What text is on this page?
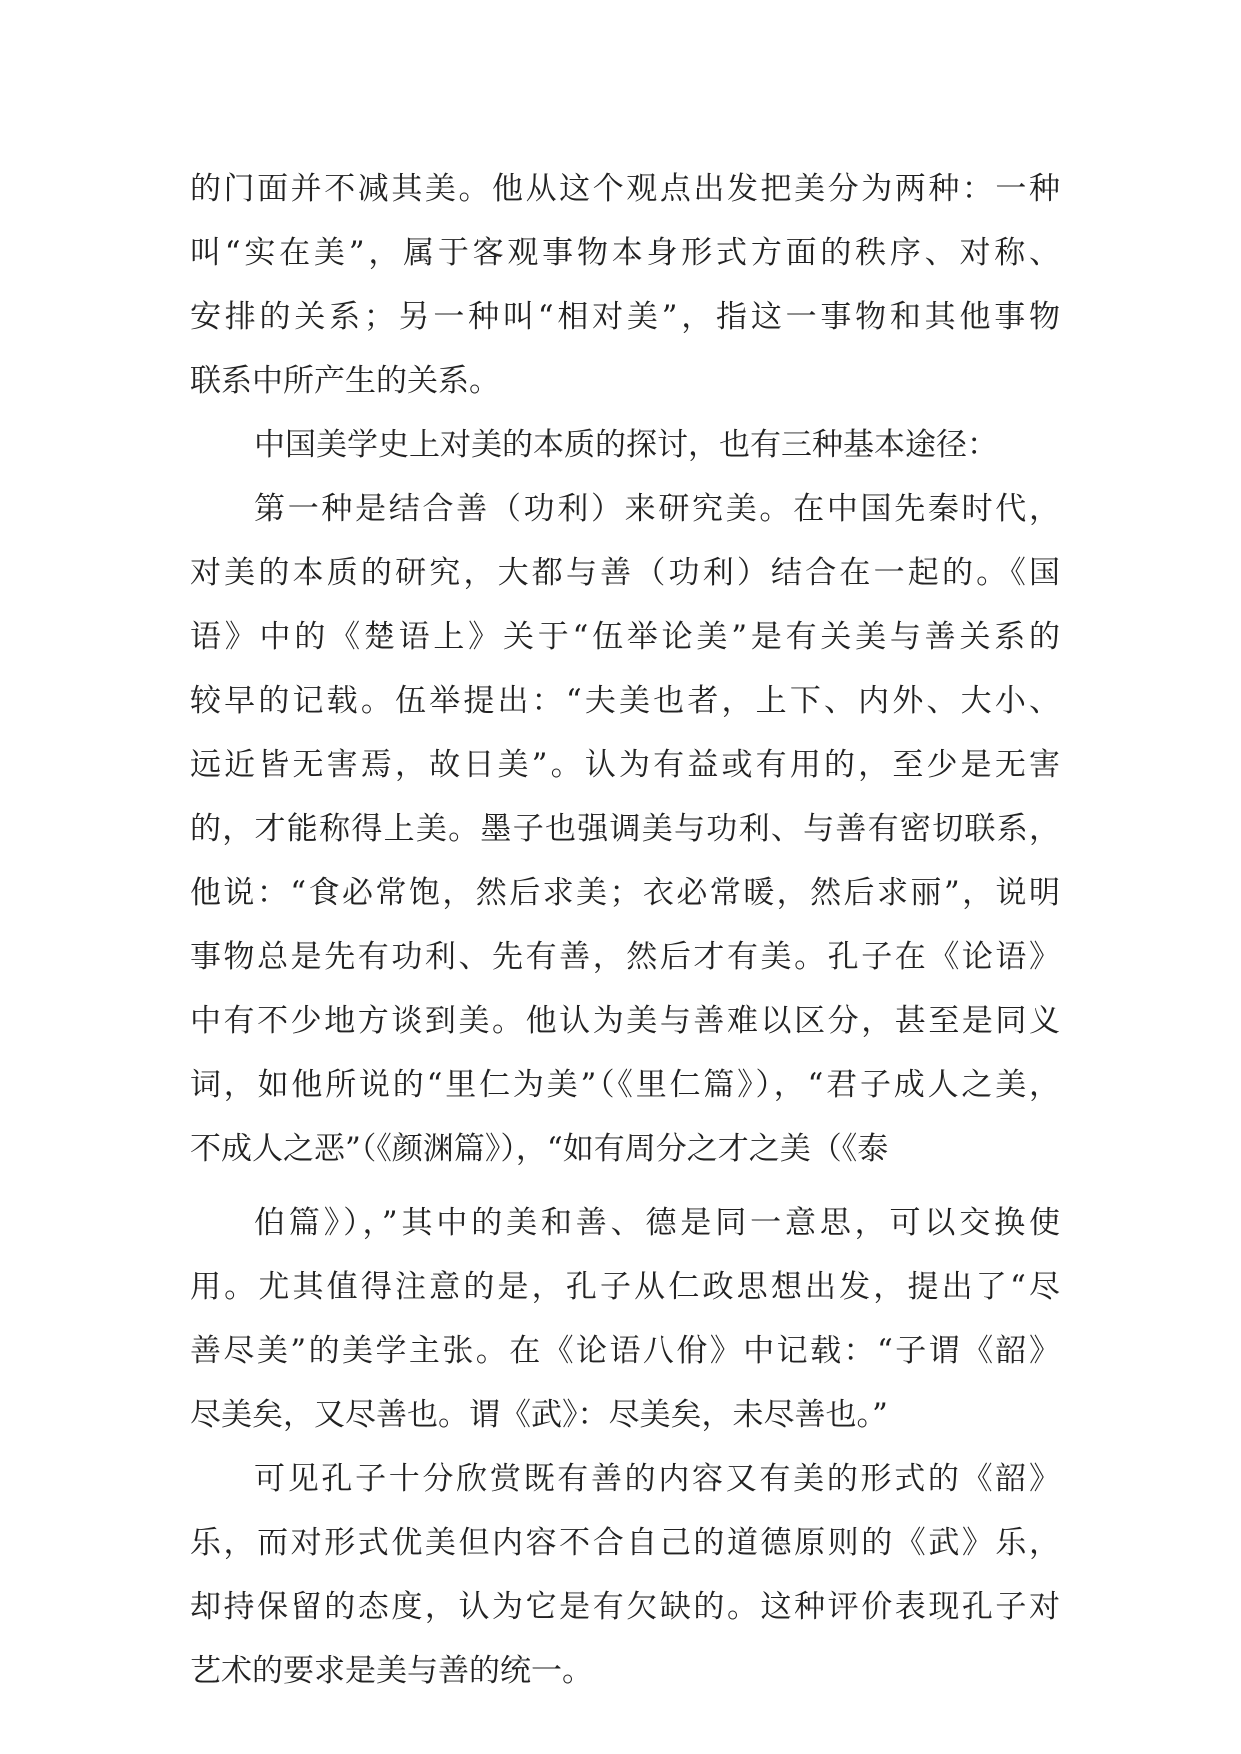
的门面并不减其美。他从这个观点出发把美分为两种：一种
叫“实在美”，属于客观事物本身形式方面的秩序、对称、
安排的关系；另一种叫“相对美”，指这一事物和其他事物
联系中所产生的关系。
中国美学史上对美的本质的探讨，也有三种基本途径：
第一种是结合善（功利）来研究美。在中国先秦时代，
对美的本质的研究，大都与善（功利）结合在一起的。《国
语》中的《楚语上》关于“伍举论美”是有关美与善关系的
较早的记载。伍举提出：“夫美也者，上下、内外、大小、
远近皆无害焉，故日美”。认为有益或有用的，至少是无害
的，才能称得上美。墨子也强调美与功利、与善有密切联系，
他说：“食必常饱，然后求美；衣必常暖，然后求丽”，说明
事物总是先有功利、先有善，然后才有美。孔子在《论语》
中有不少地方谈到美。他认为美与善难以区分，甚至是同义
词，如他所说的“里仁为美”（《里仁篇》），“君子成人之美，
不成人之恶”（《颜渊篇》），“如有周分之才之美（《泰
伯篇》），”其中的美和善、德是同一意思，可以交换使
用。尤其值得注意的是，孔子从仁政思想出发，提出了“尽
善尽美”的美学主张。在《论语八佾》中记载：“子谓《韶》
尽美矣，又尽善也。谓《武》：尽美矣，未尽善也。”
可见孔子十分欣赏既有善的内容又有美的形式的《韶》
乐，而对形式优美但内容不合自己的道德原则的《武》乐，
却持保留的态度，认为它是有欠缺的。这种评价表现孔子对
艺术的要求是美与善的统一。
